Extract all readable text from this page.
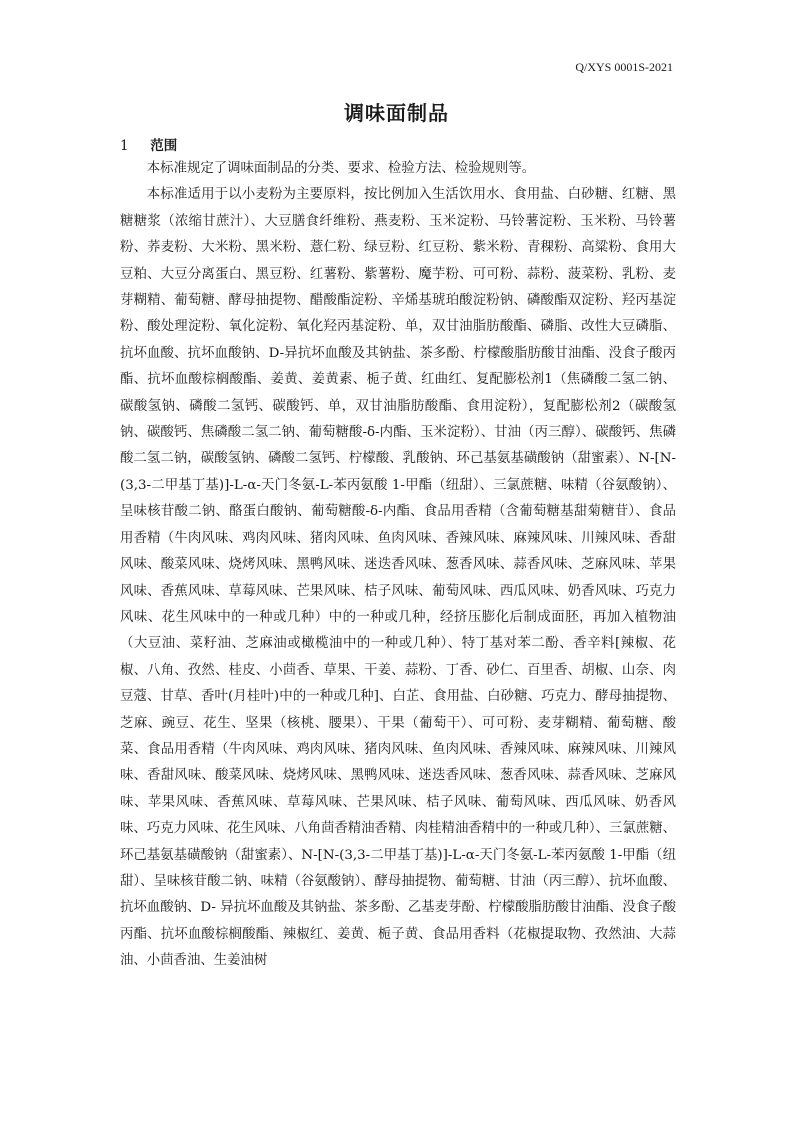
Q/XYS 0001S-2021
调味面制品
1 范围

本标准规定了调味面制品的分类、要求、检验方法、检验规则等。

本标准适用于以小麦粉为主要原料，按比例加入生活饮用水、食用盐、白砂糖、红糖、黑糖糖浆（浓缩甘蔗汁）、大豆膳食纤维粉、燕麦粉、玉米淀粉、马铃薯淀粉、玉米粉、马铃薯粉、荞麦粉、大米粉、黑米粉、薏仁粉、绿豆粉、红豆粉、紫米粉、青稞粉、高粱粉、食用大豆粕、大豆分离蛋白、黑豆粉、红薯粉、紫薯粉、魔芋粉、可可粉、蒜粉、菠菜粉、乳粉、麦芽糊精、葡萄糖、酵母抽提物、醋酸酯淀粉、辛烯基琥珀酸淀粉钠、磷酸酯双淀粉、羟丙基淀粉、酸处理淀粉、氧化淀粉、氧化羟丙基淀粉、单，双甘油脂肪酸酯、磷脂、改性大豆磷脂、抗坏血酸、抗坏血酸钠、D-异抗坏血酸及其钠盐、茶多酚、柠檬酸脂肪酸甘油酯、没食子酸丙酯、抗坏血酸棕榈酸酯、姜黄、姜黄素、栀子黄、红曲红、复配膨松剂1（焦磷酸二氢二钠、碳酸氢钠、磷酸二氢钙、碳酸钙、单，双甘油脂肪酸酯、食用淀粉），复配膨松剂2（碳酸氢钠、碳酸钙、焦磷酸二氢二钠、葡萄糖酸-δ-内酯、玉米淀粉）、甘油（丙三醇）、碳酸钙、焦磷酸二氢二钠，碳酸氢钠、磷酸二氢钙、柠檬酸、乳酸钠、环己基氨基磺酸钠（甜蜜素）、N-[N-(3,3-二甲基丁基)]-L-α-天门冬氨-L-苯丙氨酸 1-甲酯（纽甜）、三氯蔗糖、味精（谷氨酸钠）、呈味核苷酸二钠、酪蛋白酸钠、葡萄糖酸-δ-内酯、食品用香精（含葡萄糖基甜菊糖苷）、食品用香精（牛肉风味、鸡肉风味、猪肉风味、鱼肉风味、香辣风味、麻辣风味、川辣风味、香甜风味、酸菜风味、烧烤风味、黑鸭风味、迷迭香风味、葱香风味、蒜香风味、芝麻风味、苹果风味、香蕉风味、草莓风味、芒果风味、桔子风味、葡萄风味、西瓜风味、奶香风味、巧克力风味、花生风味中的一种或几种）中的一种或几种，经挤压膨化后制成面胚，再加入植物油（大豆油、菜籽油、芝麻油或橄榄油中的一种或几种）、特丁基对苯二酚、香辛料[辣椒、花椒、八角、孜然、桂皮、小茴香、草果、干姜、蒜粉、丁香、砂仁、百里香、胡椒、山奈、肉豆蔻、甘草、香叶(月桂叶)中的一种或几种]、白芷、食用盐、白砂糖、巧克力、酵母抽提物、芝麻、豌豆、花生、坚果（核桃、腰果）、干果（葡萄干）、可可粉、麦芽糊精、葡萄糖、酸菜、食品用香精（牛肉风味、鸡肉风味、猪肉风味、鱼肉风味、香辣风味、麻辣风味、川辣风味、香甜风味、酸菜风味、烧烤风味、黑鸭风味、迷迭香风味、葱香风味、蒜香风味、芝麻风味、苹果风味、香蕉风味、草莓风味、芒果风味、桔子风味、葡萄风味、西瓜风味、奶香风味、巧克力风味、花生风味、八角茴香精油香精、肉桂精油香精中的一种或几种）、三氯蔗糖、环己基氨基磺酸钠（甜蜜素）、N-[N-(3,3-二甲基丁基)]-L-α-天门冬氨-L-苯丙氨酸 1-甲酯（纽甜）、呈味核苷酸二钠、味精（谷氨酸钠）、酵母抽提物、葡萄糖、甘油（丙三醇）、抗坏血酸、抗坏血酸钠、D- 异抗坏血酸及其钠盐、茶多酚、乙基麦芽酚、柠檬酸脂肪酸甘油酯、没食子酸丙酯、抗坏血酸棕榈酸酯、辣椒红、姜黄、栀子黄、食品用香料（花椒提取物、孜然油、大蒜油、小茴香油、生姜油树
